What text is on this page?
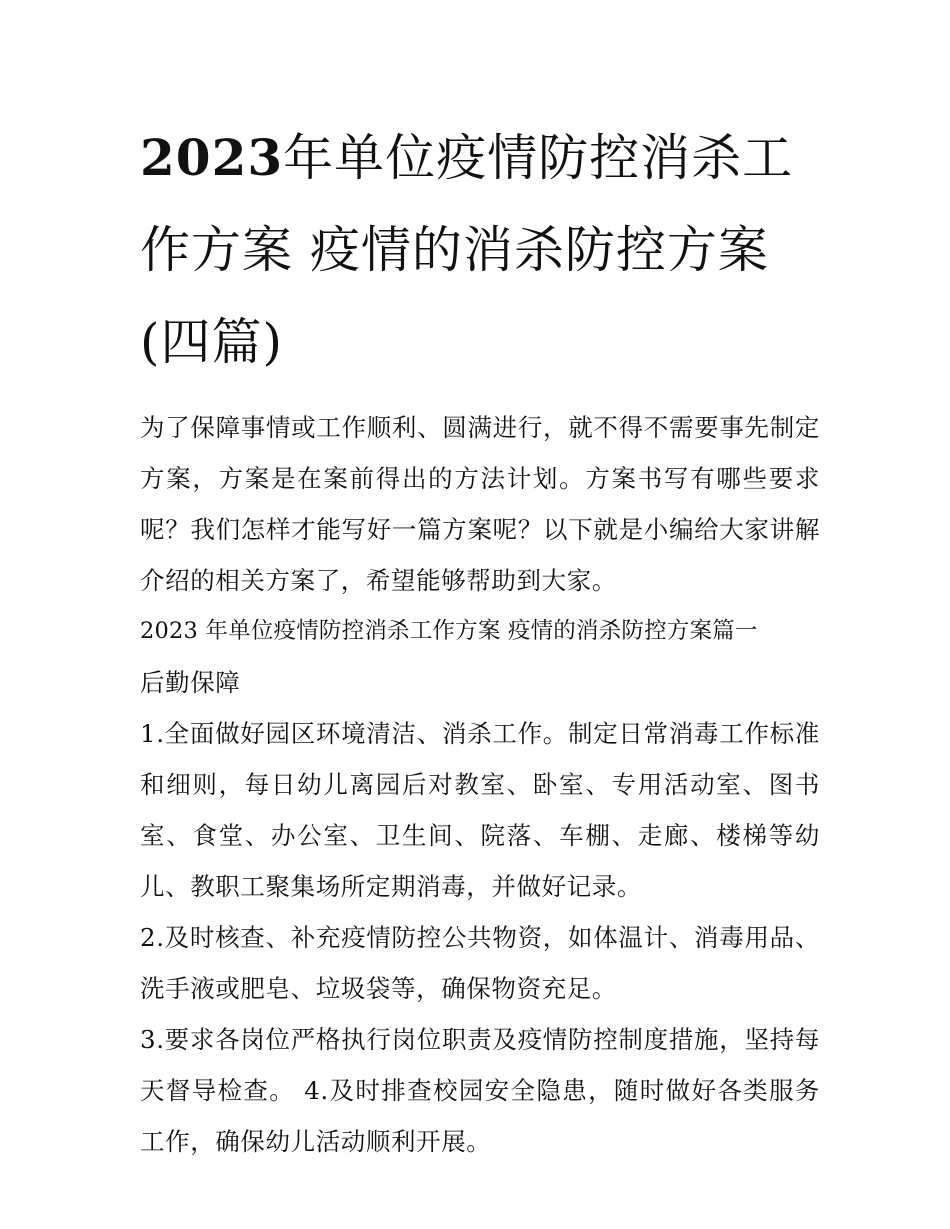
2023年单位疫情防控消杀工作方案 疫情的消杀防控方案(四篇)

为了保障事情或工作顺利、圆满进行，就不得不需要事先制定方案，方案是在案前得出的方法计划。方案书写有哪些要求呢？我们怎样才能写好一篇方案呢？以下就是小编给大家讲解介绍的相关方案了，希望能够帮助到大家。

2023 年单位疫情防控消杀工作方案 疫情的消杀防控方案篇一

后勤保障

1.全面做好园区环境清洁、消杀工作。制定日常消毒工作标准和细则，每日幼儿离园后对教室、卧室、专用活动室、图书室、食堂、办公室、卫生间、院落、车棚、走廊、楼梯等幼儿、教职工聚集场所定期消毒，并做好记录。

2.及时核查、补充疫情防控公共物资，如体温计、消毒用品、洗手液或肥皂、垃圾袋等，确保物资充足。

3.要求各岗位严格执行岗位职责及疫情防控制度措施，坚持每天督导检查。 4.及时排查校园安全隐患，随时做好各类服务工作，确保幼儿活动顺利开展。
